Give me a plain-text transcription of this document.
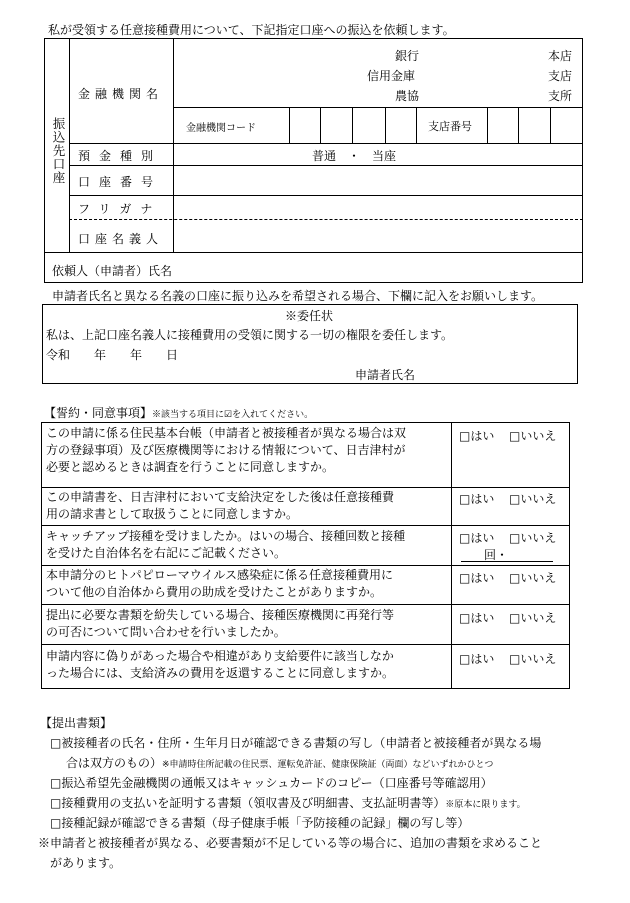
私が受領する任意接種費用について、下記指定口座への振込を依頼します。
振込先口座
金融機関名
銀行
信用金庫
農協
本店
支店
支所
金融機関コード	支店番号
預金種別	普通　・　当座
口座番号
フリガナ
口座名義人
依頼人（申請者）氏名
申請者氏名と異なる名義の口座に振り込みを希望される場合、下欄に記入をお願いします。
※委任状
私は、上記口座名義人に接種費用の受領に関する一切の権限を委任します。
令和　　年　　年　　日
申請者氏名
【誓約・同意事項】※該当する項目に☑を入れてください。
この申請に係る住民基本台帳（申請者と被接種者が異なる場合は双
方の登録事項）及び医療機関等における情報について、日吉津村が
必要と認めるときは調査を行うことに同意しますか。
□はい □いいえ
この申請書を、日吉津村において支給決定をした後は任意接種費
用の請求書として取扱うことに同意しますか。
□はい □いいえ
キャッチアップ接種を受けましたか。はいの場合、接種回数と接種
を受けた自治体名を右記にご記載ください。
□はい □いいえ
回・
本申請分のヒトパピローマウイルス感染症に係る任意接種費用に
ついて他の自治体から費用の助成を受けたことがありますか。
□はい □いいえ
提出に必要な書類を紛失している場合、接種医療機関に再発行等
の可否について問い合わせを行いましたか。
□はい □いいえ
申請内容に偽りがあった場合や相違があり支給要件に該当しなか
った場合には、支給済みの費用を返還することに同意しますか。
□はい □いいえ
【提出書類】
□被接種者の氏名・住所・生年月日が確認できる書類の写し（申請者と被接種者が異なる場
合は双方のもの）※申請時住所記載の住民票、運転免許証、健康保険証（両面）などいずれかひとつ
□振込希望先金融機関の通帳又はキャッシュカードのコピー（口座番号等確認用）
□接種費用の支払いを証明する書類（領収書及び明細書、支払証明書等）※原本に限ります。
□接種記録が確認できる書類（母子健康手帳「予防接種の記録」欄の写し等）
※申請者と被接種者が異なる、必要書類が不足している等の場合に、追加の書類を求めること
があります。
